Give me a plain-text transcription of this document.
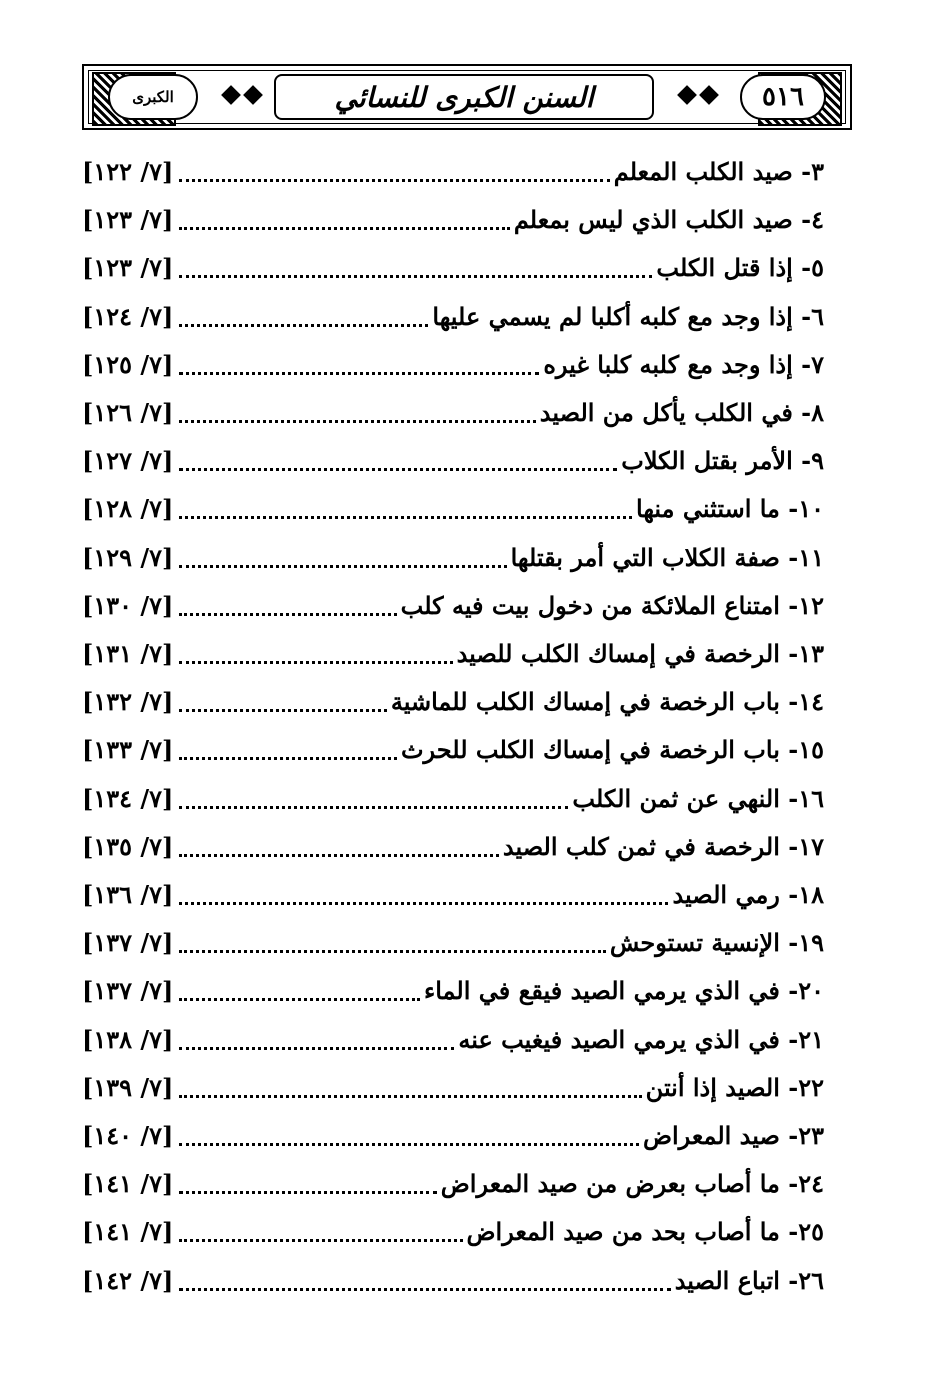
الكبرى	السنن الكبرى للنسائي	٥١٦
٣- صيد الكلب المعلم
[٧/ ١٢٢]
٤- صيد الكلب الذي ليس بمعلم
[٧/ ١٢٣]
٥- إذا قتل الكلب
[٧/ ١٢٣]
٦- إذا وجد مع كلبه أكلبا لم يسمي عليها
[٧/ ١٢٤]
٧- إذا وجد مع كلبه كلبا غيره
[٧/ ١٢٥]
٨- في الكلب يأكل من الصيد
[٧/ ١٢٦]
٩- الأمر بقتل الكلاب
[٧/ ١٢٧]
١٠- ما استثني منها
[٧/ ١٢٨]
١١- صفة الكلاب التي أمر بقتلها
[٧/ ١٢٩]
١٢- امتناع الملائكة من دخول بيت فيه كلب
[٧/ ١٣٠]
١٣- الرخصة في إمساك الكلب للصيد
[٧/ ١٣١]
١٤- باب الرخصة في إمساك الكلب للماشية
[٧/ ١٣٢]
١٥- باب الرخصة في إمساك الكلب للحرث
[٧/ ١٣٣]
١٦- النهي عن ثمن الكلب
[٧/ ١٣٤]
١٧- الرخصة في ثمن كلب الصيد
[٧/ ١٣٥]
١٨- رمي الصيد
[٧/ ١٣٦]
١٩- الإنسية تستوحش
[٧/ ١٣٧]
٢٠- في الذي يرمي الصيد فيقع في الماء
[٧/ ١٣٧]
٢١- في الذي يرمي الصيد فيغيب عنه
[٧/ ١٣٨]
٢٢- الصيد إذا أنتن
[٧/ ١٣٩]
٢٣- صيد المعراض
[٧/ ١٤٠]
٢٤- ما أصاب بعرض من صيد المعراض
[٧/ ١٤١]
٢٥- ما أصاب بحد من صيد المعراض
[٧/ ١٤١]
٢٦- اتباع الصيد
[٧/ ١٤٢]
